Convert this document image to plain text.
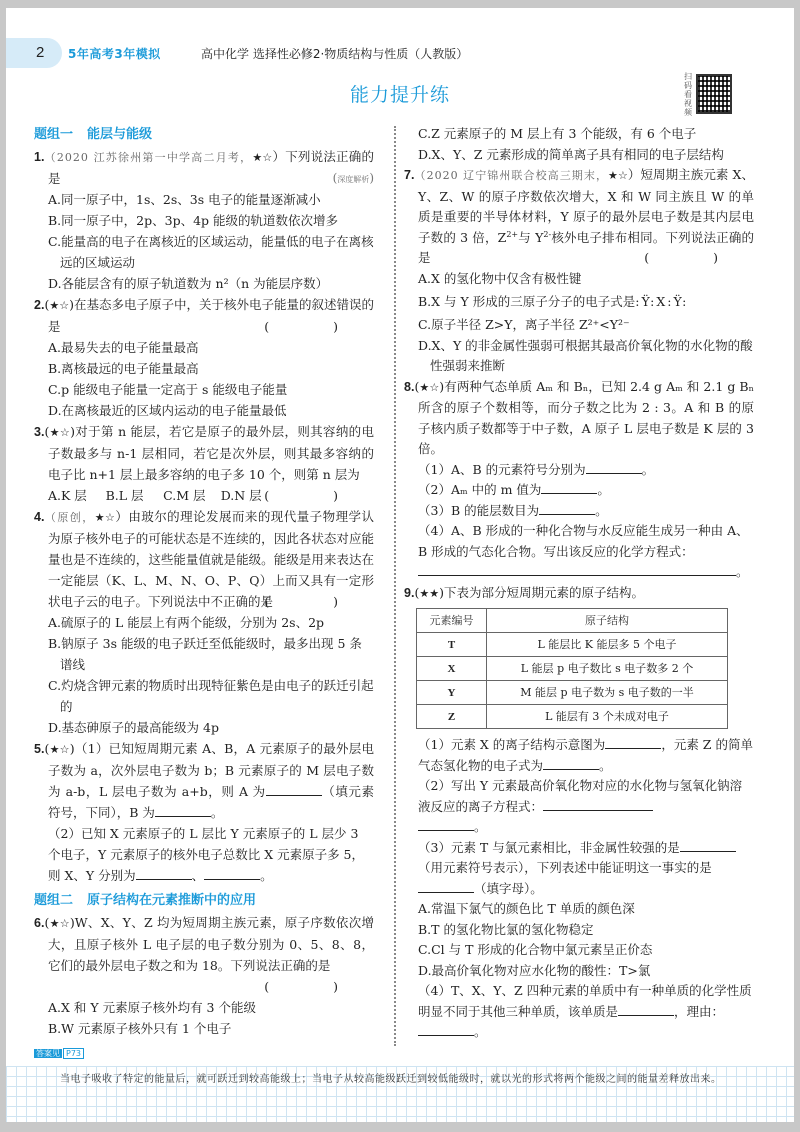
2 5年高考3年模拟	高中化学 选择性必修2·物质结构与性质（人教版）
能力提升练
扫码看视频
题组一 能层与能级
1.（2020 江苏徐州第一中学高二月考，★☆）下列说法正确的是	( 深度解析 )
A.同一原子中，1s、2s、3s 电子的能量逐渐减小
B.同一原子中，2p、3p、4p 能级的轨道数依次增多
C.能量高的电子在离核近的区域运动，能量低的电子在离核远的区域运动
D.各能层含有的原子轨道数为 n²（n 为能层序数）
2.(★☆)在基态多电子原子中，关于核外电子能量的叙述错误的是	( )
A.最易失去的电子能量最高
B.离核最远的电子能量最高
C.p 能级电子能量一定高于 s 能级电子能量
D.在离核最近的区域内运动的电子能量最低
3.(★☆)对于第 n 能层，若它是原子的最外层，则其容纳的电子数最多与 n-1 层相同，若它是次外层，则其最多容纳的电子比 n+1 层上最多容纳的电子多 10 个，则第 n 层为
( )
A.K 层	B.L 层	C.M 层	D.N 层
4.（原创，★☆）由玻尔的理论发展而来的现代量子物理学认为原子核外电子的可能状态是不连续的，因此各状态对应能量也是不连续的，这些能量值就是能级。能级是用来表达在一定能层（K、L、M、N、O、P、Q）上而又具有一定形状电子云的电子。下列说法中不正确的是
( )
A.硫原子的 L 能层上有两个能级，分别为 2s、2p
B.钠原子 3s 能级的电子跃迁至低能级时，最多出现 5 条谱线
C.灼烧含钾元素的物质时出现特征紫色是由电子的跃迁引起的
D.基态砷原子的最高能级为 4p
5.(★☆)（1）已知短周期元素 A、B，A 元素原子的最外层电子数为 a，次外层电子数为 b；B 元素原子的 M 层电子数为 a-b，L 层电子数为 a+b，则 A 为	（填元素符号，下同），B 为	。
（2）已知 X 元素原子的 L 层比 Y 元素原子的 L 层少 3 个电子，Y 元素原子的核外电子总数比 X 元素原子多 5，则 X、Y 分别为	、	。
题组二 原子结构在元素推断中的应用
6.(★☆)W、X、Y、Z 均为短周期主族元素，原子序数依次增大，且原子核外 L 电子层的电子数分别为 0、5、8、8，它们的最外层电子数之和为 18。下列说法正确的是
( )
A.X 和 Y 元素原子核外均有 3 个能级
B.W 元素原子核外只有 1 个电子
C.Z 元素原子的 M 层上有 3 个能级，有 6 个电子
D.X、Y、Z 元素形成的简单离子具有相同的电子层结构
7.（2020 辽宁锦州联合校高三期末，★☆）短周期主族元素 X、Y、Z、W 的原子序数依次增大，X 和 W 同主族且 W 的单质是重要的半导体材料，Y 原子的最外层电子数是其内层电子数的 3 倍，$Z^{2+}$与 $Y^{2-}$核外电子排布相同。下列说法正确的是	( )
A.X 的氢化物中仅含有极性键
B.X 与 Y 形成的三原子分子的电子式是:Ÿ:X:Ÿ:
C.原子半径 Z>Y，离子半径 Z²⁺<Y²⁻
D.X、Y 的非金属性强弱可根据其最高价氧化物的水化物的酸性强弱来推断
8.(★☆)有两种气态单质 Aₘ 和 Bₙ，已知 2.4 g Aₘ 和 2.1 g Bₙ 所含的原子个数相等，而分子数之比为 2 : 3。A 和 B 的原子核内质子数都等于中子数，A 原子 L 层电子数是 K 层的 3 倍。
（1）A、B 的元素符号分别为	。
（2）Aₘ 中的 m 值为	。
（3）B 的能层数目为	。
（4）A、B 形成的一种化合物与水反应能生成另一种由 A、B 形成的气态化合物。写出该反应的化学方程式：
。
9.(★★)下表为部分短周期元素的原子结构。
元素编号	原子结构
T	L 能层比 K 能层多 5 个电子
X	L 能层 p 电子数比 s 电子数多 2 个
Y	M 能层 p 电子数为 s 电子数的一半
Z	L 能层有 3 个未成对电子
（1）元素 X 的离子结构示意图为	，元素 Z 的简单气态氢化物的电子式为	。
（2）写出 Y 元素最高价氧化物对应的水化物与氢氧化钠溶液反应的离子方程式：
。
（3）元素 T 与氯元素相比，非金属性较强的是（用元素符号表示），下列表述中能证明这一事实的是（填字母）。
A.常温下氯气的颜色比 T 单质的颜色深
B.T 的氢化物比氯的氢化物稳定
C.Cl 与 T 形成的化合物中氯元素呈正价态
D.最高价氧化物对应水化物的酸性：T>氯
（4）T、X、Y、Z 四种元素的单质中有一种单质的化学性质明显不同于其他三种单质，该单质是	，理由：。
答案见 P73
当电子吸收了特定的能量后，就可跃迁到较高能级上；当电子从较高能级跃迁到较低能级时，就以光的形式将两个能级之间的能量差释放出来。
